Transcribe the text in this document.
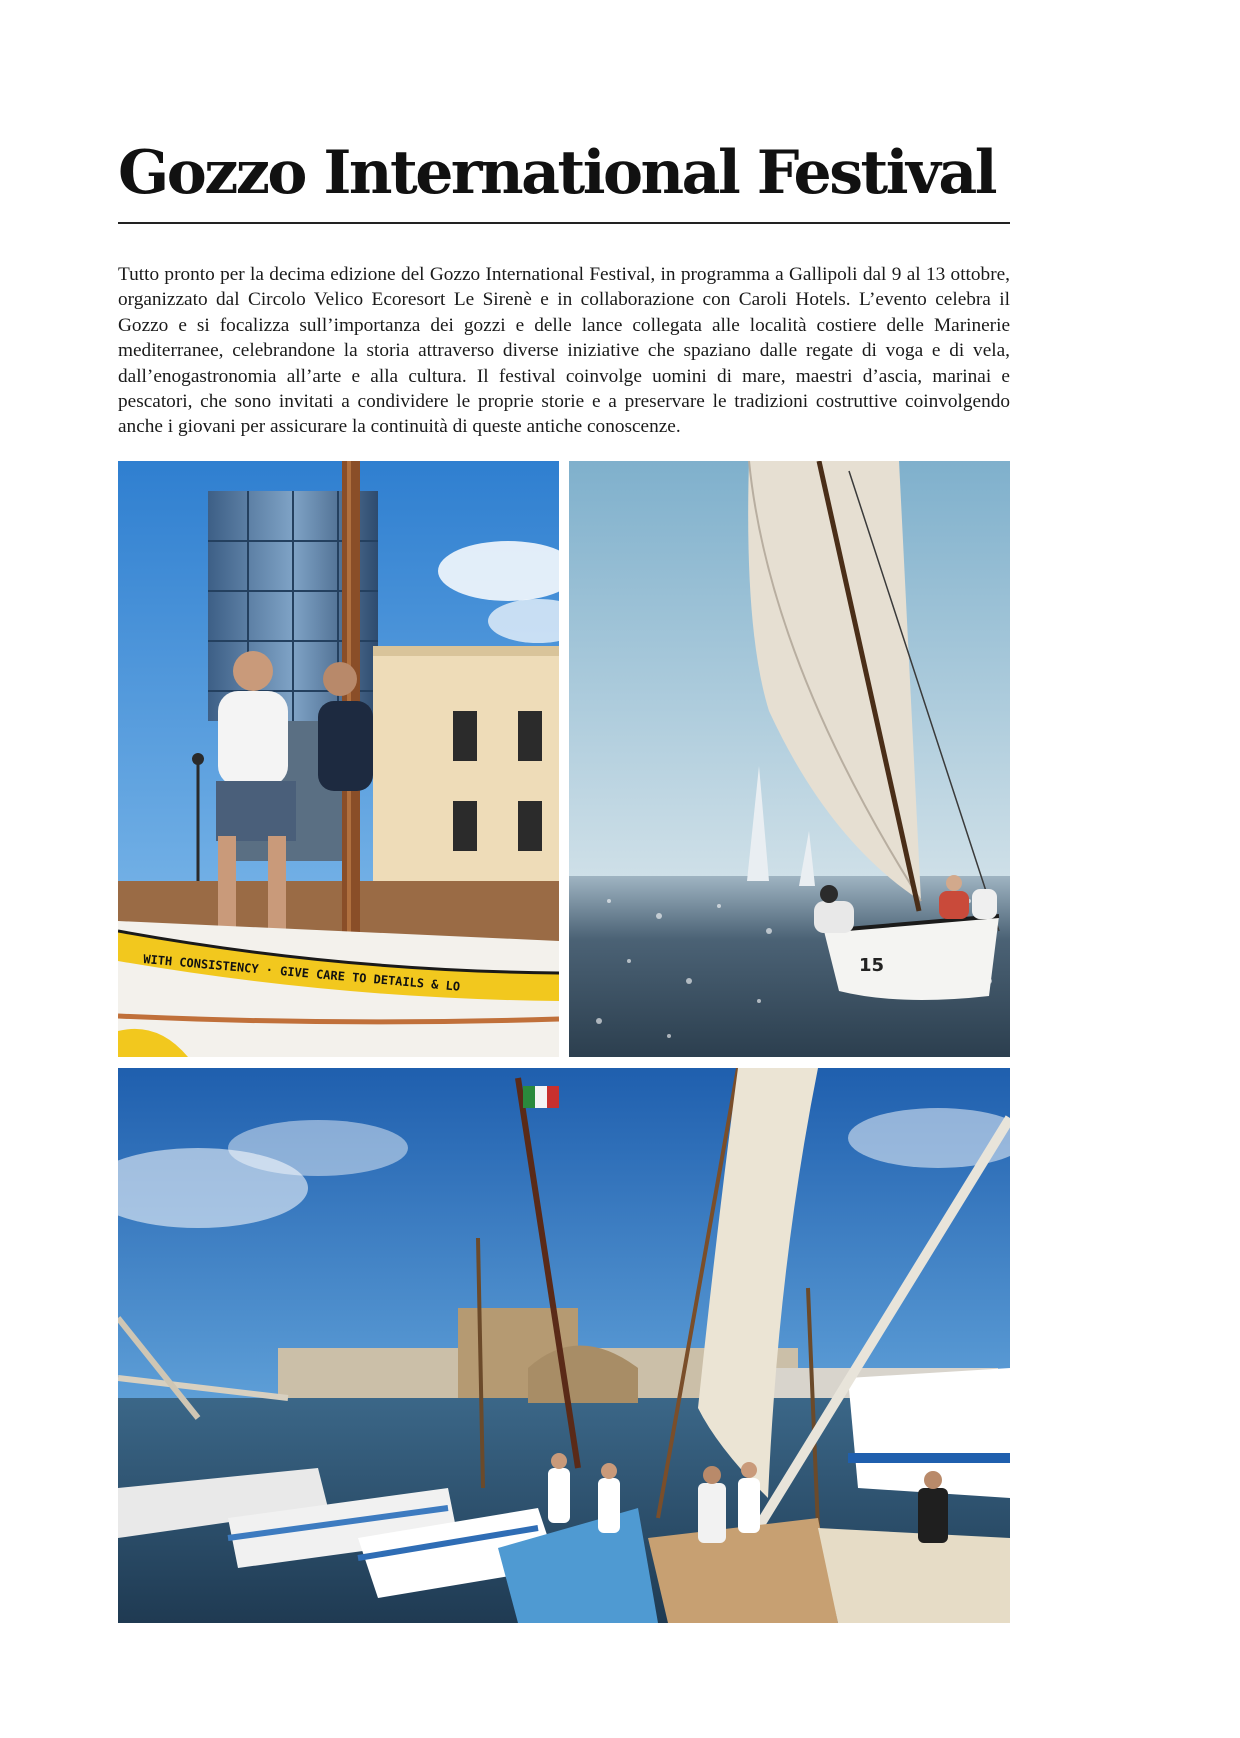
Gozzo International Festival

Tutto pronto per la decima edizione del Gozzo International Festival, in programma a Gallipoli dal 9 al 13 ottobre, organizzato dal Circolo Velico Ecoresort Le Sirenè e in collaborazione con Caroli Hotels. L’evento celebra il Gozzo e si focalizza sull’importanza dei gozzi e delle lance collegata alle località costiere delle Marinerie mediterranee, celebrandone la storia attraverso diverse iniziative che spaziano dalle regate di voga e di vela, dall’enogastronomia all’arte e alla cultura. Il festival coinvolge uomini di mare, maestri d’ascia, marinai e pescatori, che sono invitati a condividere le proprie storie e a preservare le tradizioni costruttive coinvolgendo anche i giovani per assicurare la continuità di queste antiche conoscenze.

WITH CONSISTENCY · GIVE CARE TO DETAILS & LO	15
